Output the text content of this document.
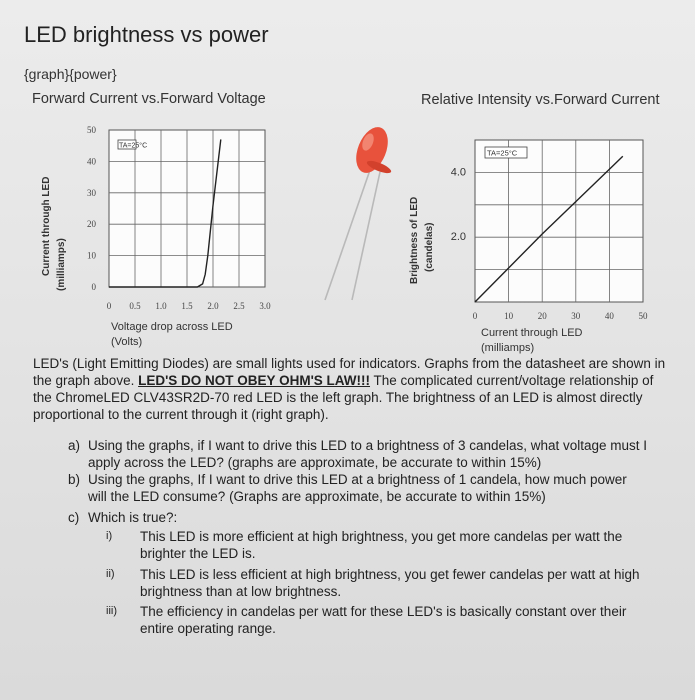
LED brightness vs power
{graph}{power}
Forward Current vs.Forward Voltage	Relative Intensity vs.Forward Current
0 0.5 1.0 1.5 2.0 2.5 3.0
0
10
20
30
40
50
TA=25°C
Current through LED (milliamps)
Voltage drop across LED
(Volts)
0	10	20	30	40	50
2.0
4.0
TA=25°C
Brightness of LED (candelas)
Current through LED
(milliamps)
LED's (Light Emitting Diodes) are small lights used for indicators. Graphs from the datasheet are shown in the graph above. LED'S DO NOT OBEY OHM'S LAW!!! The complicated current/voltage relationship of the ChromeLED CLV43SR2D-70 red LED is the left graph. The brightness of an LED is almost directly proportional to the current through it (right graph).
a) Using the graphs, if I want to drive this LED to a brightness of 3 candelas, what voltage must I apply across the LED? (graphs are approximate, be accurate to within 15%)
b) Using the graphs, If I want to drive this LED at a brightness of 1 candela, how much power will the LED consume? (Graphs are approximate, be accurate to within 15%)
c) Which is true?:
i) This LED is more efficient at high brightness, you get more candelas per watt the brighter the LED is.
ii) This LED is less efficient at high brightness, you get fewer candelas per watt at high brightness than at low brightness.
iii) The efficiency in candelas per watt for these LED's is basically constant over their entire operating range.
